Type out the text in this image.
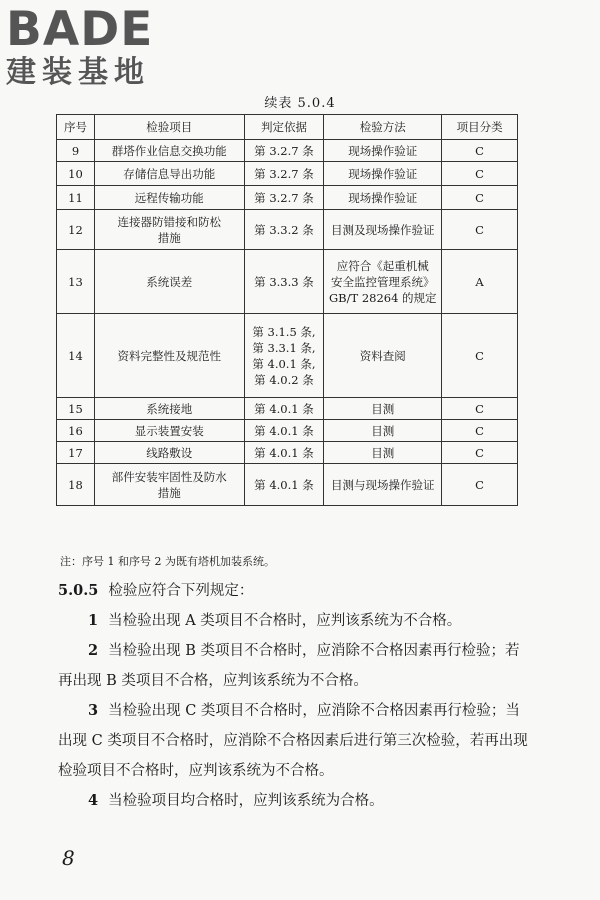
BADE
建装基地
续表 5.0.4
序号	检验项目	判定依据	检验方法	项目分类
9	群塔作业信息交换功能	第 3.2.7 条	现场操作验证	C
10	存储信息导出功能	第 3.2.7 条	现场操作验证	C
11	远程传输功能	第 3.2.7 条	现场操作验证	C
12	连接器防错接和防松
措施	第 3.3.2 条	目测及现场操作验证	C
13	系统误差	第 3.3.3 条	应符合《起重机械
安全监控管理系统》
GB/T 28264 的规定	A
14	资料完整性及规范性	第 3.1.5 条,
第 3.3.1 条,
第 4.0.1 条,
第 4.0.2 条	资料查阅	C
15	系统接地	第 4.0.1 条	目测	C
16	显示装置安装	第 4.0.1 条	目测	C
17	线路敷设	第 4.0.1 条	目测	C
18	部件安装牢固性及防水
措施	第 4.0.1 条	目测与现场操作验证	C
注：序号 1 和序号 2 为既有塔机加装系统。

5.0.5 检验应符合下列规定：

1 当检验出现 A 类项目不合格时，应判该系统为不合格。

2 当检验出现 B 类项目不合格时，应消除不合格因素再行检验；若再出现 B 类项目不合格，应判该系统为不合格。

3 当检验出现 C 类项目不合格时，应消除不合格因素再行检验；当出现 C 类项目不合格时，应消除不合格因素后进行第三次检验，若再出现检验项目不合格时，应判该系统为不合格。

4 当检验项目均合格时，应判该系统为合格。

8
